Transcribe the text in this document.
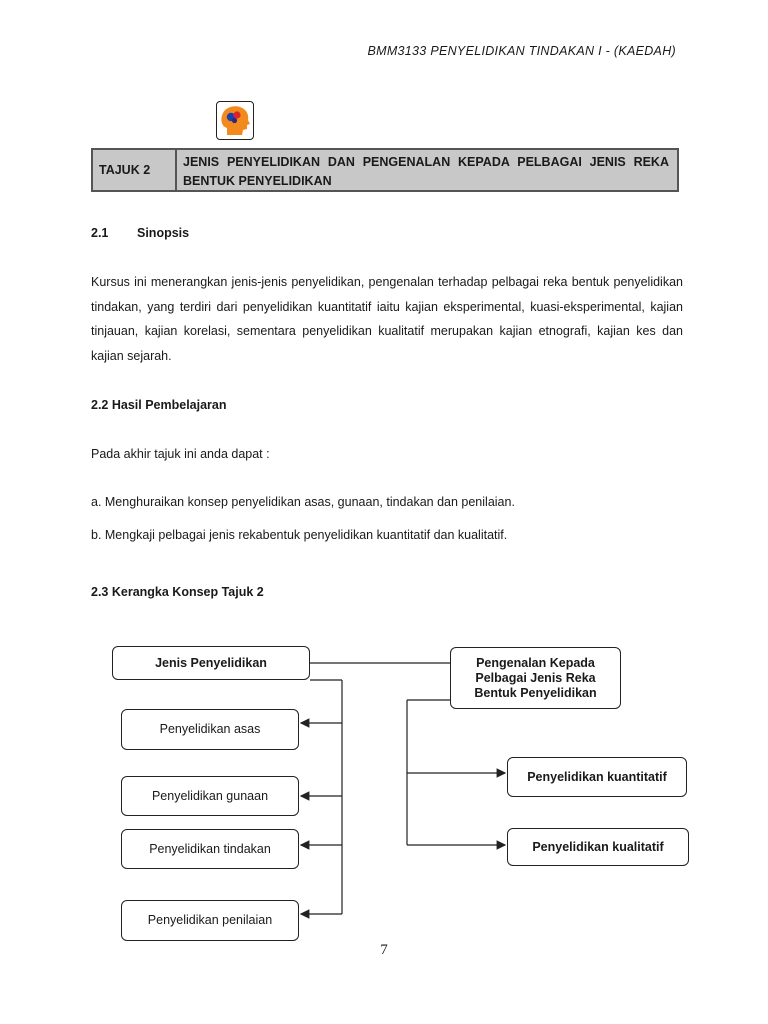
BMM3133 PENYELIDIKAN TINDAKAN I - (KAEDAH)
TAJUK 2
JENIS PENYELIDIKAN DAN PENGENALAN KEPADA PELBAGAI JENIS REKA BENTUK PENYELIDIKAN
2.1 Sinopsis
Kursus ini menerangkan jenis-jenis penyelidikan, pengenalan terhadap pelbagai reka bentuk penyelidikan tindakan, yang terdiri dari penyelidikan kuantitatif iaitu kajian eksperimental, kuasi-eksperimental, kajian tinjauan, kajian korelasi, sementara penyelidikan kualitatif merupakan kajian etnografi, kajian kes dan kajian sejarah.
2.2 Hasil Pembelajaran
Pada akhir tajuk ini anda dapat :
a. Menghuraikan konsep penyelidikan asas, gunaan, tindakan dan penilaian.
b. Mengkaji pelbagai jenis rekabentuk penyelidikan kuantitatif dan kualitatif.
2.3 Kerangka Konsep Tajuk 2
Jenis Penyelidikan
Penyelidikan asas
Penyelidikan gunaan
Penyelidikan tindakan
Penyelidikan penilaian
Pengenalan Kepada Pelbagai Jenis Reka Bentuk Penyelidikan
Penyelidikan kuantitatif
Penyelidikan kualitatif
7
